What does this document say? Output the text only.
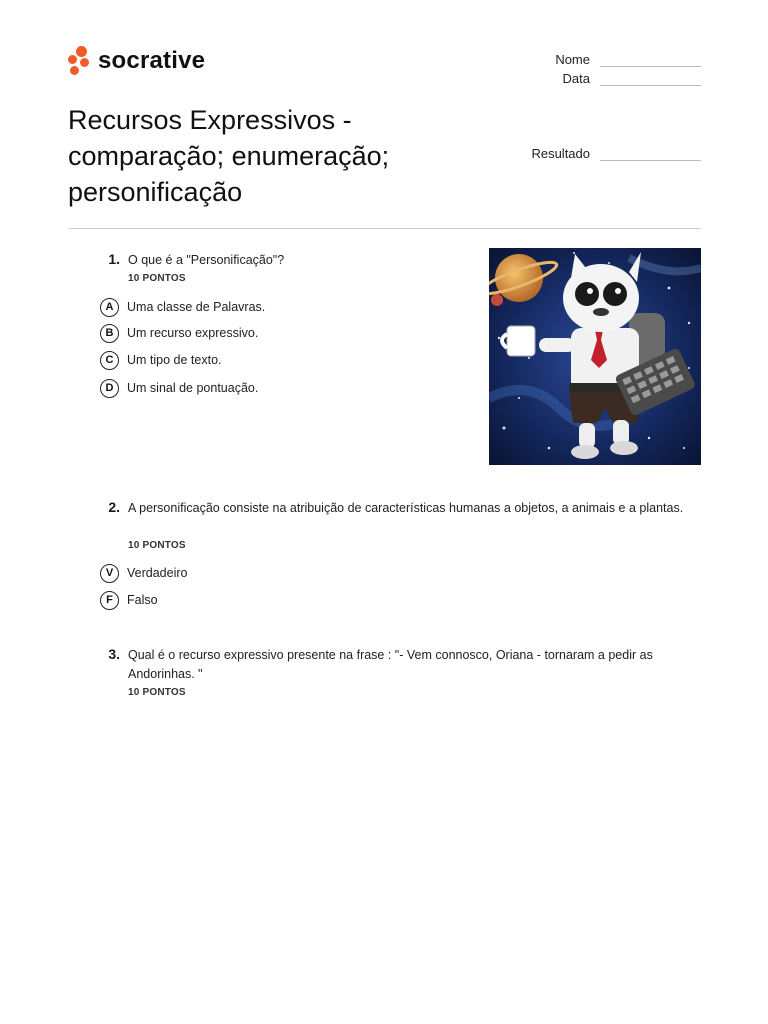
socrative	Nome
Data
Recursos Expressivos - comparação; enumeração; personificação
Resultado
1. O que é a "Personificação"?
10 PONTOS
A	Uma classe de Palavras.
B	Um recurso expressivo.
C	Um tipo de texto.
D	Um sinal de pontuação.
2. A personificação consiste na atribuição de características humanas a objetos, a animais e a plantas.
10 PONTOS
V	Verdadeiro
F	Falso
3. Qual é o recurso expressivo presente na frase : "- Vem connosco, Oriana - tornaram a pedir as Andorinhas. "
10 PONTOS
